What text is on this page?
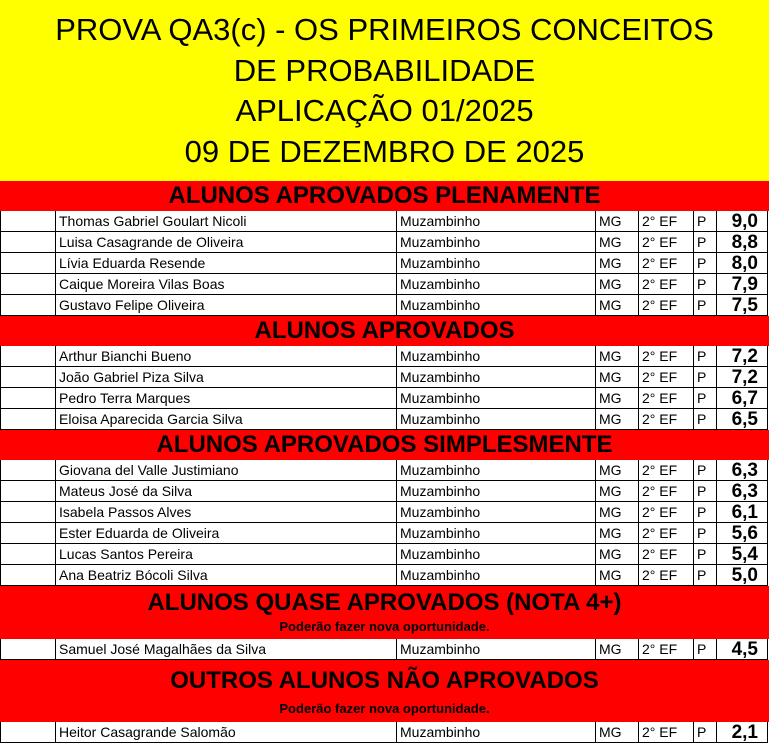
PROVA QA3(c) - OS PRIMEIROS CONCEITOS
DE PROBABILIDADE
APLICAÇÃO 01/2025
09 DE DEZEMBRO DE 2025
ALUNOS APROVADOS PLENAMENTE
Thomas Gabriel Goulart Nicoli	Muzambinho	MG	2° EF	P	9,0
Luisa Casagrande de Oliveira	Muzambinho	MG	2° EF	P	8,8
Lívia Eduarda Resende	Muzambinho	MG	2° EF	P	8,0
Caique Moreira Vilas Boas	Muzambinho	MG	2° EF	P	7,9
Gustavo Felipe Oliveira	Muzambinho	MG	2° EF	P	7,5
ALUNOS APROVADOS
Arthur Bianchi Bueno	Muzambinho	MG	2° EF	P	7,2
João Gabriel Piza Silva	Muzambinho	MG	2° EF	P	7,2
Pedro Terra Marques	Muzambinho	MG	2° EF	P	6,7
Eloisa Aparecida Garcia Silva	Muzambinho	MG	2° EF	P	6,5
ALUNOS APROVADOS SIMPLESMENTE
Giovana del Valle Justimiano	Muzambinho	MG	2° EF	P	6,3
Mateus José da Silva	Muzambinho	MG	2° EF	P	6,3
Isabela Passos Alves	Muzambinho	MG	2° EF	P	6,1
Ester Eduarda de Oliveira	Muzambinho	MG	2° EF	P	5,6
Lucas Santos Pereira	Muzambinho	MG	2° EF	P	5,4
Ana Beatriz Bócoli Silva	Muzambinho	MG	2° EF	P	5,0
ALUNOS QUASE APROVADOS (NOTA 4+)
Poderão fazer nova oportunidade.
Samuel José Magalhães da Silva	Muzambinho	MG	2° EF	P	4,5
OUTROS ALUNOS NÃO APROVADOS
Poderão fazer nova oportunidade.
Heitor Casagrande Salomão	Muzambinho	MG	2° EF	P	2,1
